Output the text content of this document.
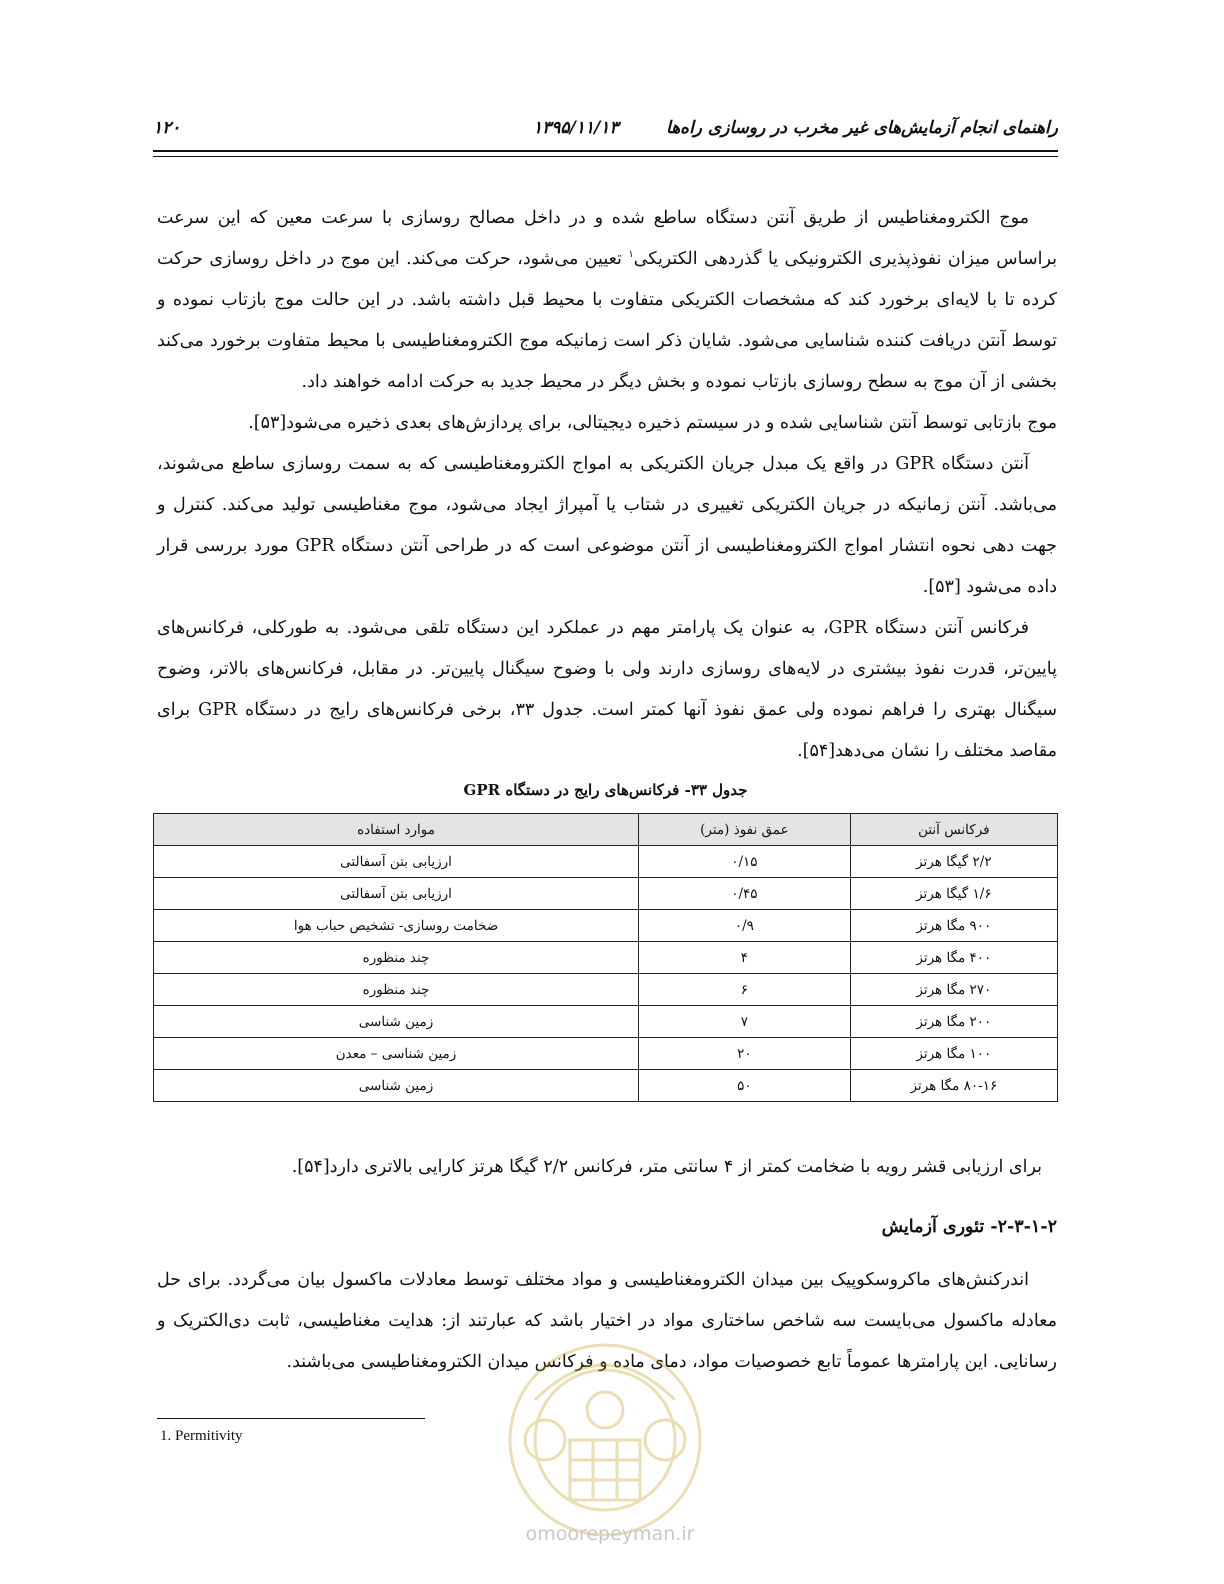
راهنمای انجام آزمایش‌های غیر مخرب در روسازی راه‌ها
۱۳۹۵/۱۱/۱۳
۱۲۰

موج الکترومغناطیس از طریق آنتن دستگاه ساطع شده و در داخل مصالح روسازی با سرعت معین که این سرعت براساس میزان نفوذپذیری الکترونیکی یا گذردهی الکتریکی$^۱$ تعیین می‌شود، حرکت می‌کند. این موج در داخل روسازی حرکت کرده تا با لایه‌ای برخورد کند که مشخصات الکتریکی متفاوت با محیط قبل داشته باشد. در این حالت موج بازتاب نموده و توسط آنتن دریافت کننده شناسایی می‌شود. شایان ذکر است زمانیکه موج الکترومغناطیسی با محیط متفاوت برخورد می‌کند بخشی از آن موج به سطح روسازی بازتاب نموده و بخش دیگر در محیط جدید به حرکت ادامه خواهند داد.

موج بازتابی توسط آنتن شناسایی شده و در سیستم ذخیره دیجیتالی، برای پردازش‌های بعدی ذخیره می‌شود[۵۳].

آنتن دستگاه GPR در واقع یک مبدل جریان الکتریکی به امواج الکترومغناطیسی که به سمت روسازی ساطع می‌شوند، می‌باشد. آنتن زمانیکه در جریان الکتریکی تغییری در شتاب یا آمپراژ ایجاد می‌شود، موج مغناطیسی تولید می‌کند. کنترل و جهت دهی نحوه انتشار امواج الکترومغناطیسی از آنتن موضوعی است که در طراحی آنتن دستگاه GPR مورد بررسی قرار داده می‌شود [۵۳].

فرکانس آنتن دستگاه GPR، به عنوان یک پارامتر مهم در عملکرد این دستگاه تلقی می‌شود. به طورکلی، فرکانس‌های پایین‌تر، قدرت نفوذ بیشتری در لایه‌های روسازی دارند ولی با وضوح سیگنال پایین‌تر. در مقابل، فرکانس‌های بالاتر، وضوح سیگنال بهتری را فراهم نموده ولی عمق نفوذ آنها کمتر است. جدول ۳۳، برخی فرکانس‌های رایج در دستگاه GPR برای مقاصد مختلف را نشان می‌دهد[۵۴].

جدول ۳۳- فرکانس‌های رایج در دستگاه GPR
فرکانس آنتن	عمق نفوذ (متر)	موارد استفاده
۲/۲ گیگا هرتز	۰/۱۵	ارزیابی بتن آسفالتی
۱/۶ گیگا هرتز	۰/۴۵	ارزیابی بتن آسفالتی
۹۰۰ مگا هرتز	۰/۹	ضخامت روسازی- تشخیص حباب هوا
۴۰۰ مگا هرتز	۴	چند منظوره
۲۷۰ مگا هرتز	۶	چند منظوره
۲۰۰ مگا هرتز	۷	زمین شناسی
۱۰۰ مگا هرتز	۲۰	زمین شناسی – معدن
۸۰-۱۶ مگا هرتز	۵۰	زمین شناسی
برای ارزیابی قشر رویه با ضخامت کمتر از ۴ سانتی متر، فرکانس ۲/۲ گیگا هرتز کارایی بالاتری دارد[۵۴].
۲-۳-۱-۲- تئوری آزمایش

اندرکنش‌های ماکروسکوپیک بین میدان الکترومغناطیسی و مواد مختلف توسط معادلات ماکسول بیان می‌گردد. برای حل معادله ماکسول می‌بایست سه شاخص ساختاری مواد در اختیار باشد که عبارتند از: هدایت مغناطیسی، ثابت دی‌الکتریک و رسانایی. این پارامترها عموماً تابع خصوصیات مواد، دمای ماده و فرکانس میدان الکترومغناطیسی می‌باشند.

omoorepeyman.ir
1. Permitivity
